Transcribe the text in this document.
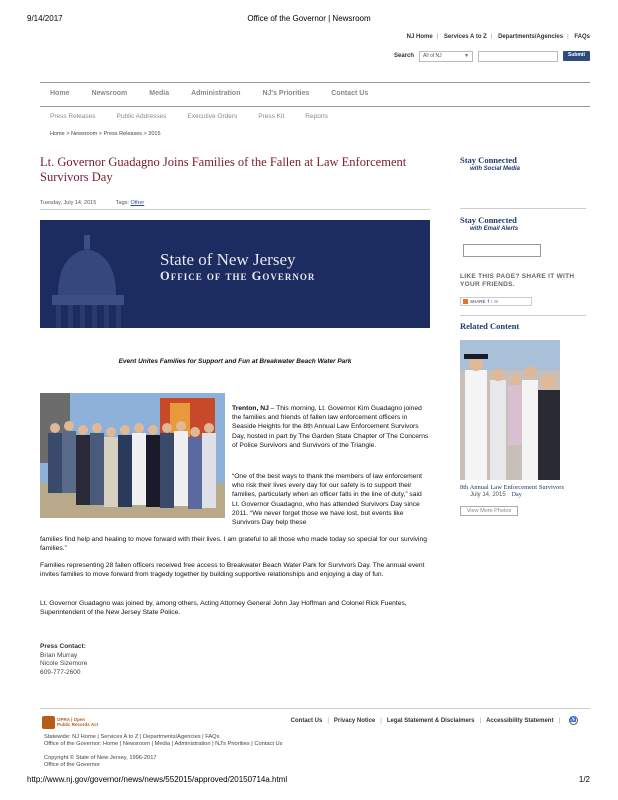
9/14/2017	Office of the Governor | Newsroom
NJ Home | Services A to Z | Departments/Agencies | FAQs
Search	All of NJ	▼	Submit
Home	Newsroom	Media	Administration	NJ's Priorities	Contact Us
Press Releases	Public Addresses	Executive Orders	Press Kit	Reports
Home > Newsroom > Press Releases > 2015
Lt. Governor Guadagno Joins Families of the Fallen at Law Enforcement Survivors Day
Tuesday, July 14, 2015	Tags: Other
State of New Jersey
Office of the Governor
Event Unites Families for Support and Fun at Breakwater Beach Water Park
Trenton, NJ – This morning, Lt. Governor Kim Guadagno joined the families and friends of fallen law enforcement officers in Seaside Heights for the 8th Annual Law Enforcement Survivors Day, hosted in part by The Garden State Chapter of The Concerns of Police Survivors and Survivors of the Triangle.
“One of the best ways to thank the members of law enforcement who risk their lives every day for our safety is to support their families, particularly when an officer falls in the line of duty,” said Lt. Governor Guadagno, who has attended Survivors Day since 2011. “We never forget those we have lost, but events like Survivors Day help these
families find help and healing to move forward with their lives. I am grateful to all those who made today so special for our surviving families.”
Families representing 28 fallen officers received free access to Breakwater Beach Water Park for Survivors Day. The annual event invites families to move forward from tragedy together by building supportive relationships and enjoying a day of fun.
Lt. Governor Guadagno was joined by, among others, Acting Attorney General John Jay Hoffman and Colonel Rick Fuentes, Superintendent of the New Jersey State Police.
Press Contact:
Brian Murray
Nicole Sizemore
609-777-2600
Stay Connected
with Social Media
Stay Connected
with Email Alerts
LIKE THIS PAGE? SHARE IT WITH YOUR FRIENDS.
SHARE f t ✉
Related Content
8th Annual Law Enforcement Survivors
July 14, 2015 Day
View More Photos
OPRA | Open
Public Records Act
Contact Us | Privacy Notice | Legal Statement & Disclaimers | Accessibility Statement | ♿
Statewide: NJ Home | Services A to Z | Departments/Agencies | FAQs
Office of the Governor: Home | Newsroom | Media | Administration | NJ's Priorities | Contact Us
Copyright © State of New Jersey, 1996-2017
Office of the Governor
http://www.nj.gov/governor/news/news/552015/approved/20150714a.html	1/2
